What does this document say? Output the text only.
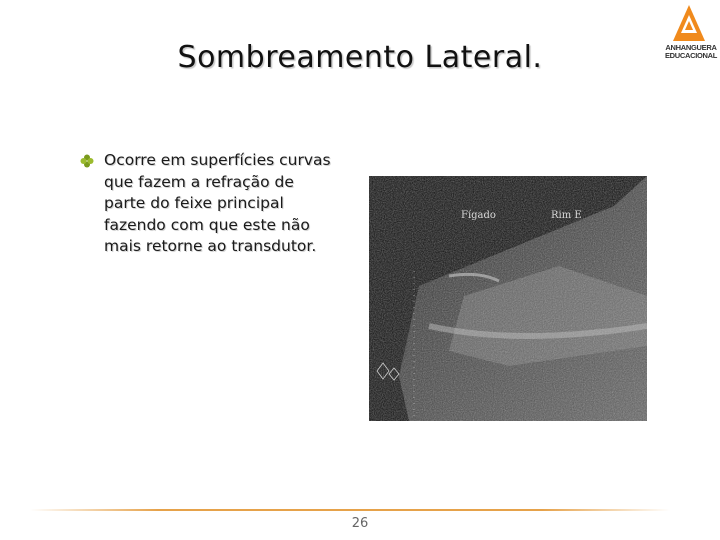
ANHANGUERA
EDUCACIONAL
Sombreamento Lateral.
Ocorre em superfícies curvas que fazem a refração de parte do feixe principal fazendo com que este não mais retorne ao transdutor.
Fígado	Rim E
26
